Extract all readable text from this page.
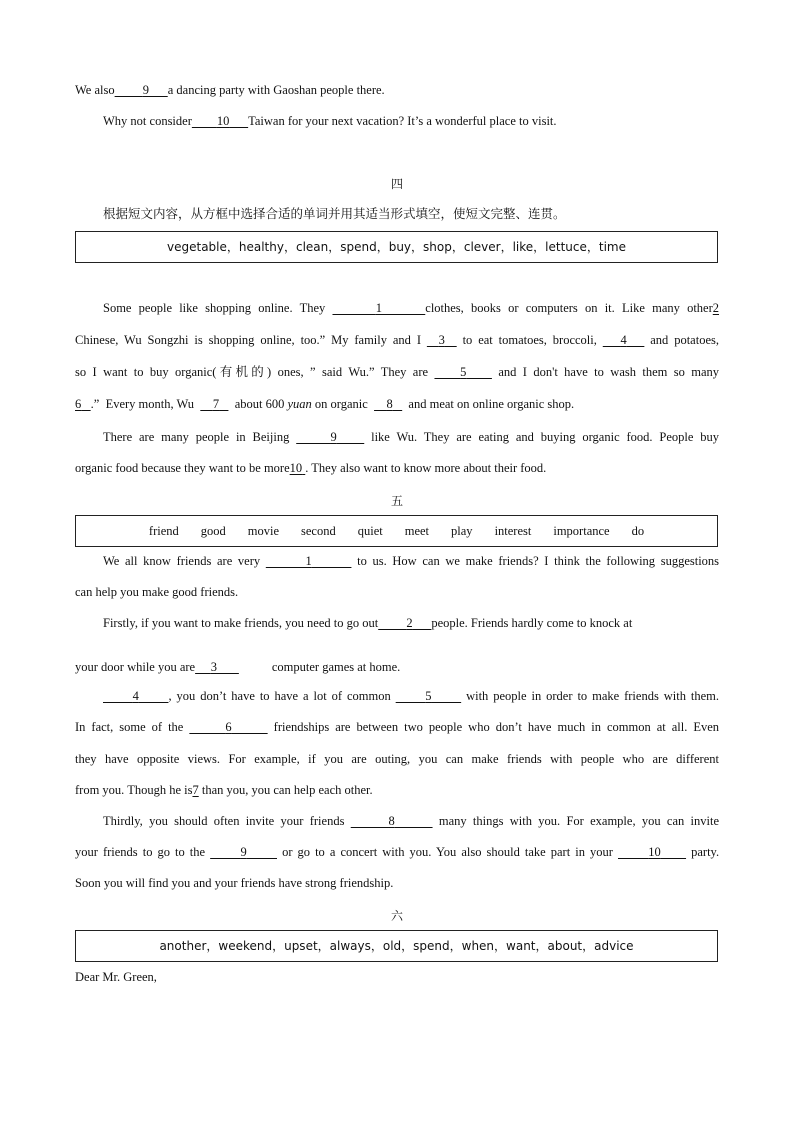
We also 9 a dancing party with Gaoshan people there.
Why not consider 10 Taiwan for your next vacation? It’s a wonderful place to visit.
四
根据短文内容，从方框中选择合适的单词并用其适当形式填空，使短文完整、连贯。
vegetable，healthy，clean，spend，buy，shop，clever，like，lettuce，time
Some people like shopping online. They	1	clothes, books or computers on it. Like many other2
Chinese, Wu Songzhi is shopping online, too.” My family and I 3 to eat tomatoes, broccoli, 4 and potatoes,
so I want to buy organic(有机的) ones, ” said Wu.” They are	5	and I don't have to wash them so many
6 .” Every month, Wu 7 about 600 yuan on organic 8 and meat on online organic shop.
There are many people in Beijing	9	like Wu. They are eating and buying organic food. People buy
organic food because they want to be more10 . They also want to know more about their food.
五
friend good movie second quiet meet play interest importance do
We all know friends are very	1	to us. How can we make friends? I think the following suggestions
can help you make good friends.
Firstly, if you want to make friends, you need to go out 2 people. Friends hardly come to knock at
your door while you are 3	computer games at home.
4 , you don’t have to have a lot of common	5	with people in order to make friends with them.
In fact, some of the	6	friendships are between two people who don’t have much in common at all. Even
they have opposite views. For example, if you are outing, you can make friends with people who are different
from you. Though he is7 than you, you can help each other.
Thirdly, you should often invite your friends	8	many things with you. For example, you can invite
your friends to go to the	9	or go to a concert with you. You also should take part in your	10 party.
Soon you will find you and your friends have strong friendship.
六
another，weekend，upset，always，old，spend，when，want，about，advice
Dear Mr. Green,
